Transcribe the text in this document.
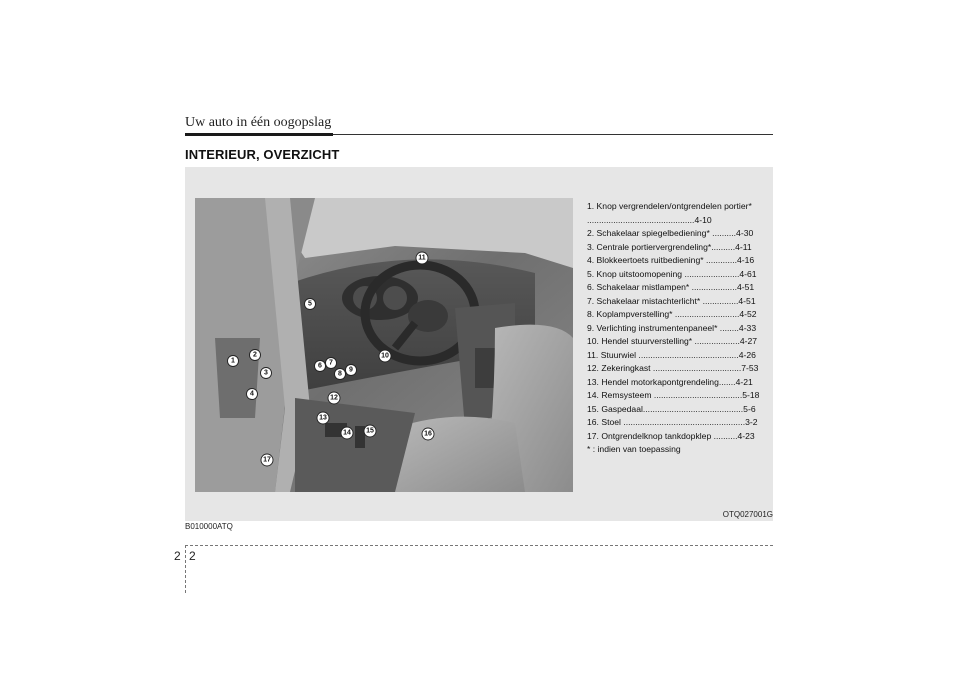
Uw auto in één oogopslag
INTERIEUR, OVERZICHT
1
2
3
4
5
6 7
8
9
10
11
12
13
14 15	16
17
1. Knop vergrendelen/ontgrendelen portier* .............................................4-10
2. Schakelaar spiegelbediening* ..........4-30
3. Centrale portiervergrendeling*..........4-11
4. Blokkeertoets ruitbediening* .............4-16
5. Knop uitstoomopening .......................4-61
6. Schakelaar mistlampen* ...................4-51
7. Schakelaar mistachterlicht* ...............4-51
8. Koplampverstelling* ...........................4-52
9. Verlichting instrumentenpaneel* ........4-33
10. Hendel stuurverstelling* ...................4-27
11. Stuurwiel ..........................................4-26
12. Zekeringkast .....................................7-53
13. Hendel motorkapontgrendeling.......4-21
14. Remsysteem .....................................5-18
15. Gaspedaal..........................................5-6
16. Stoel ...................................................3-2
17. Ontgrendelknop tankdopklep ..........4-23
* : indien van toepassing
OTQ027001G
B010000ATQ
2 2
